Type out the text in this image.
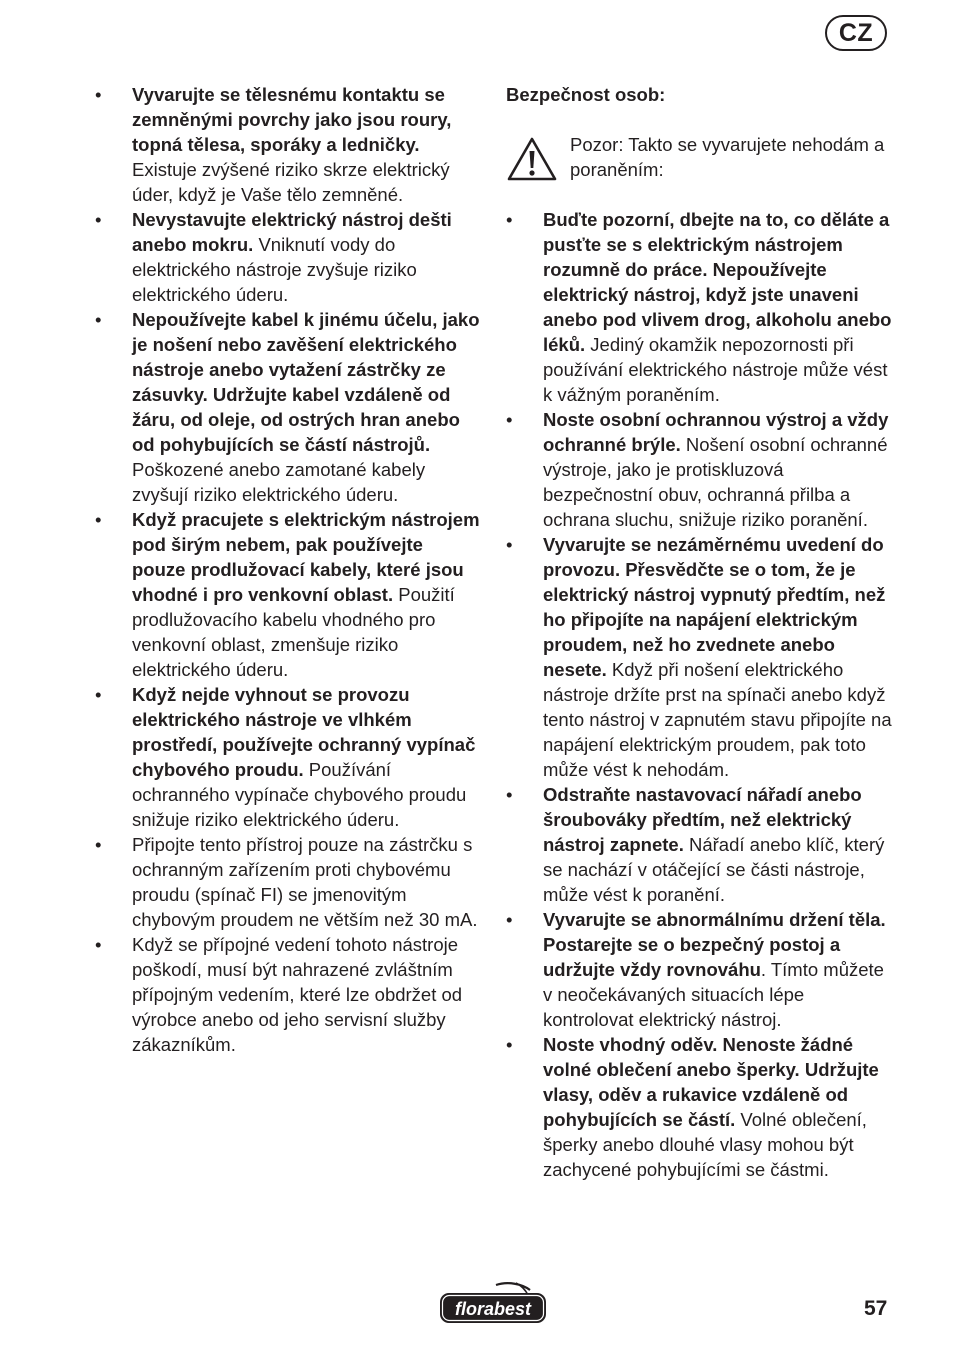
CZ
• Vyvarujte se tělesnému kontaktu se zemněnými povrchy jako jsou roury, topná tělesa, sporáky a ledničky. Existuje zvýšené riziko skrze elektrický úder, když je Vaše tělo zemněné.
• Nevystavujte elektrický nástroj dešti anebo mokru. Vniknutí vody do elektrického nástroje zvyšuje riziko elektrického úderu.
• Nepoužívejte kabel k jinému účelu, jako je nošení nebo zavěšení elektrického nástroje anebo vytažení zástrčky ze zásuvky. Udržujte kabel vzdáleně od žáru, od oleje, od ostrých hran anebo od pohybujících se částí nástrojů. Poškozené anebo zamotané kabely zvyšují riziko elektrického úderu.
• Když pracujete s elektrickým nástrojem pod širým nebem, pak používejte pouze prodlužovací kabely, které jsou vhodné i pro venkovní oblast. Použití prodlužovacího kabelu vhodného pro venkovní oblast, zmenšuje riziko elektrického úderu.
• Když nejde vyhnout se provozu elektrického nástroje ve vlhkém prostředí, používejte ochranný vypínač chybového proudu. Používání ochranného vypínače chybového proudu snižuje riziko elektrického úderu.
• Připojte tento přístroj pouze na zástrčku s ochranným zařízením proti chybovému proudu (spínač FI) se jmenovitým chybovým proudem ne větším než 30 mA.
• Když se přípojné vedení tohoto nástroje poškodí, musí být nahrazené zvláštním přípojným vedením, které lze obdržet od výrobce anebo od jeho servisní služby zákazníkům.

Bezpečnost osob:

Pozor: Takto se vyvarujete nehodám a poraněním:
• Buďte pozorní, dbejte na to, co děláte a pusťte se s elektrickým nástrojem rozumně do práce. Nepoužívejte elektrický nástroj, když jste unaveni anebo pod vlivem drog, alkoholu anebo léků. Jediný okamžik nepozornosti při používání elektrického nástroje může vést k vážným poraněním.
• Noste osobní ochrannou výstroj a vždy ochranné brýle. Nošení osobní ochranné výstroje, jako je protiskluzová bezpečnostní obuv, ochranná přilba a ochrana sluchu, snižuje riziko poranění.
• Vyvarujte se nezáměrnému uvedení do provozu. Přesvědčte se o tom, že je elektrický nástroj vypnutý předtím, než ho připojíte na napájení elektrickým proudem, než ho zvednete anebo nesete. Když při nošení elektrického nástroje držíte prst na spínači anebo když tento nástroj v zapnutém stavu připojíte na napájení elektrickým proudem, pak toto může vést k nehodám.
• Odstraňte nastavovací nářadí anebo šroubováky předtím, než elektrický nástroj zapnete. Nářadí anebo klíč, který se nachází v otáčející se části nástroje, může vést k poranění.
• Vyvarujte se abnormálnímu držení těla. Postarejte se o bezpečný postoj a udržujte vždy rovnováhu. Tímto můžete v neočekávaných situacích lépe kontrolovat elektrický nástroj.
• Noste vhodný oděv. Nenoste žádné volné oblečení anebo šperky. Udržujte vlasy, oděv a rukavice vzdáleně od pohybujících se částí. Volné oblečení, šperky anebo dlouhé vlasy mohou být zachycené pohybujícími se částmi.
florabest	57
